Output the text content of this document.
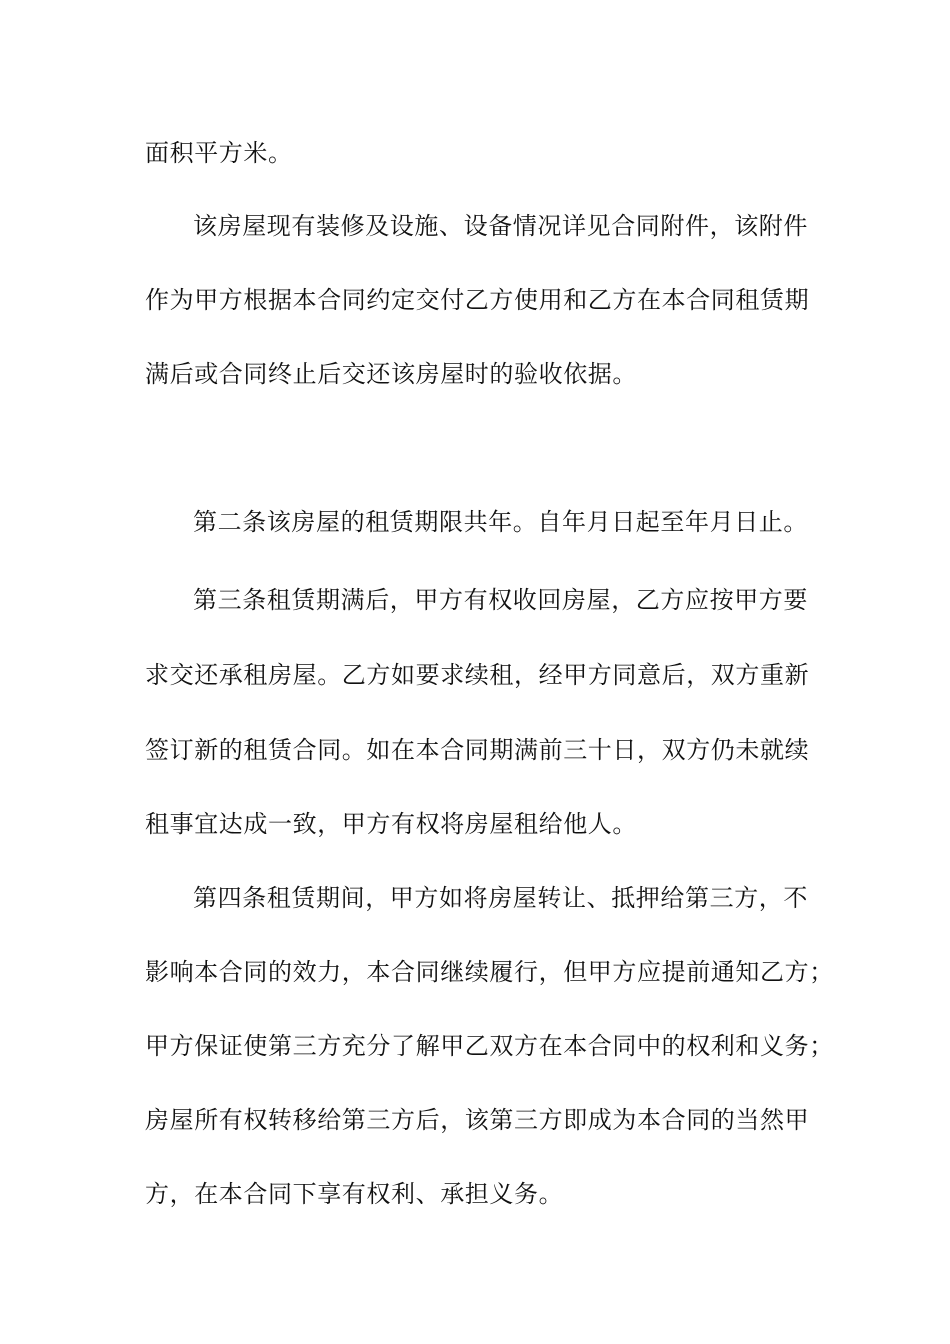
面积平方米。

该房屋现有装修及设施、设备情况详见合同附件，该附件

作为甲方根据本合同约定交付乙方使用和乙方在本合同租赁期

满后或合同终止后交还该房屋时的验收依据。

第二条该房屋的租赁期限共年。自年月日起至年月日止。

第三条租赁期满后，甲方有权收回房屋，乙方应按甲方要

求交还承租房屋。乙方如要求续租，经甲方同意后，双方重新

签订新的租赁合同。如在本合同期满前三十日，双方仍未就续

租事宜达成一致，甲方有权将房屋租给他人。

第四条租赁期间，甲方如将房屋转让、抵押给第三方，不

影响本合同的效力，本合同继续履行，但甲方应提前通知乙方；

甲方保证使第三方充分了解甲乙双方在本合同中的权利和义务；

房屋所有权转移给第三方后，该第三方即成为本合同的当然甲

方，在本合同下享有权利、承担义务。
